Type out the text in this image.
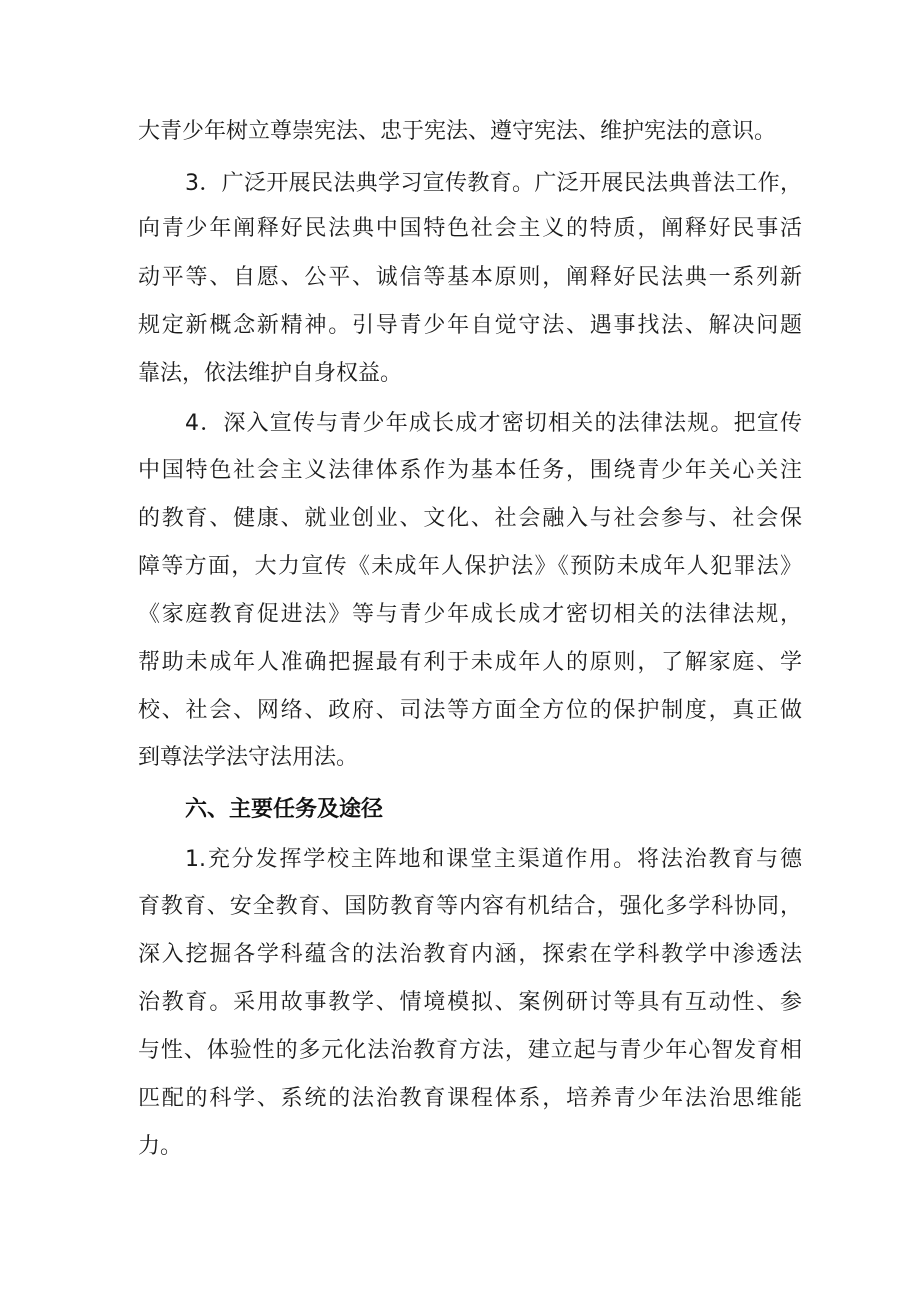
大青少年树立尊崇宪法、忠于宪法、遵守宪法、维护宪法的意识。
3．广泛开展民法典学习宣传教育。广泛开展民法典普法工作，
向青少年阐释好民法典中国特色社会主义的特质，阐释好民事活
动平等、自愿、公平、诚信等基本原则，阐释好民法典一系列新
规定新概念新精神。引导青少年自觉守法、遇事找法、解决问题
靠法，依法维护自身权益。
4．深入宣传与青少年成长成才密切相关的法律法规。把宣传
中国特色社会主义法律体系作为基本任务，围绕青少年关心关注
的教育、健康、就业创业、文化、社会融入与社会参与、社会保
障等方面，大力宣传《未成年人保护法》《预防未成年人犯罪法》
《家庭教育促进法》等与青少年成长成才密切相关的法律法规，
帮助未成年人准确把握最有利于未成年人的原则，了解家庭、学
校、社会、网络、政府、司法等方面全方位的保护制度，真正做
到尊法学法守法用法。
六、主要任务及途径
1.充分发挥学校主阵地和课堂主渠道作用。将法治教育与德
育教育、安全教育、国防教育等内容有机结合，强化多学科协同，
深入挖掘各学科蕴含的法治教育内涵，探索在学科教学中渗透法
治教育。采用故事教学、情境模拟、案例研讨等具有互动性、参
与性、体验性的多元化法治教育方法，建立起与青少年心智发育相
匹配的科学、系统的法治教育课程体系，培养青少年法治思维能
力。
